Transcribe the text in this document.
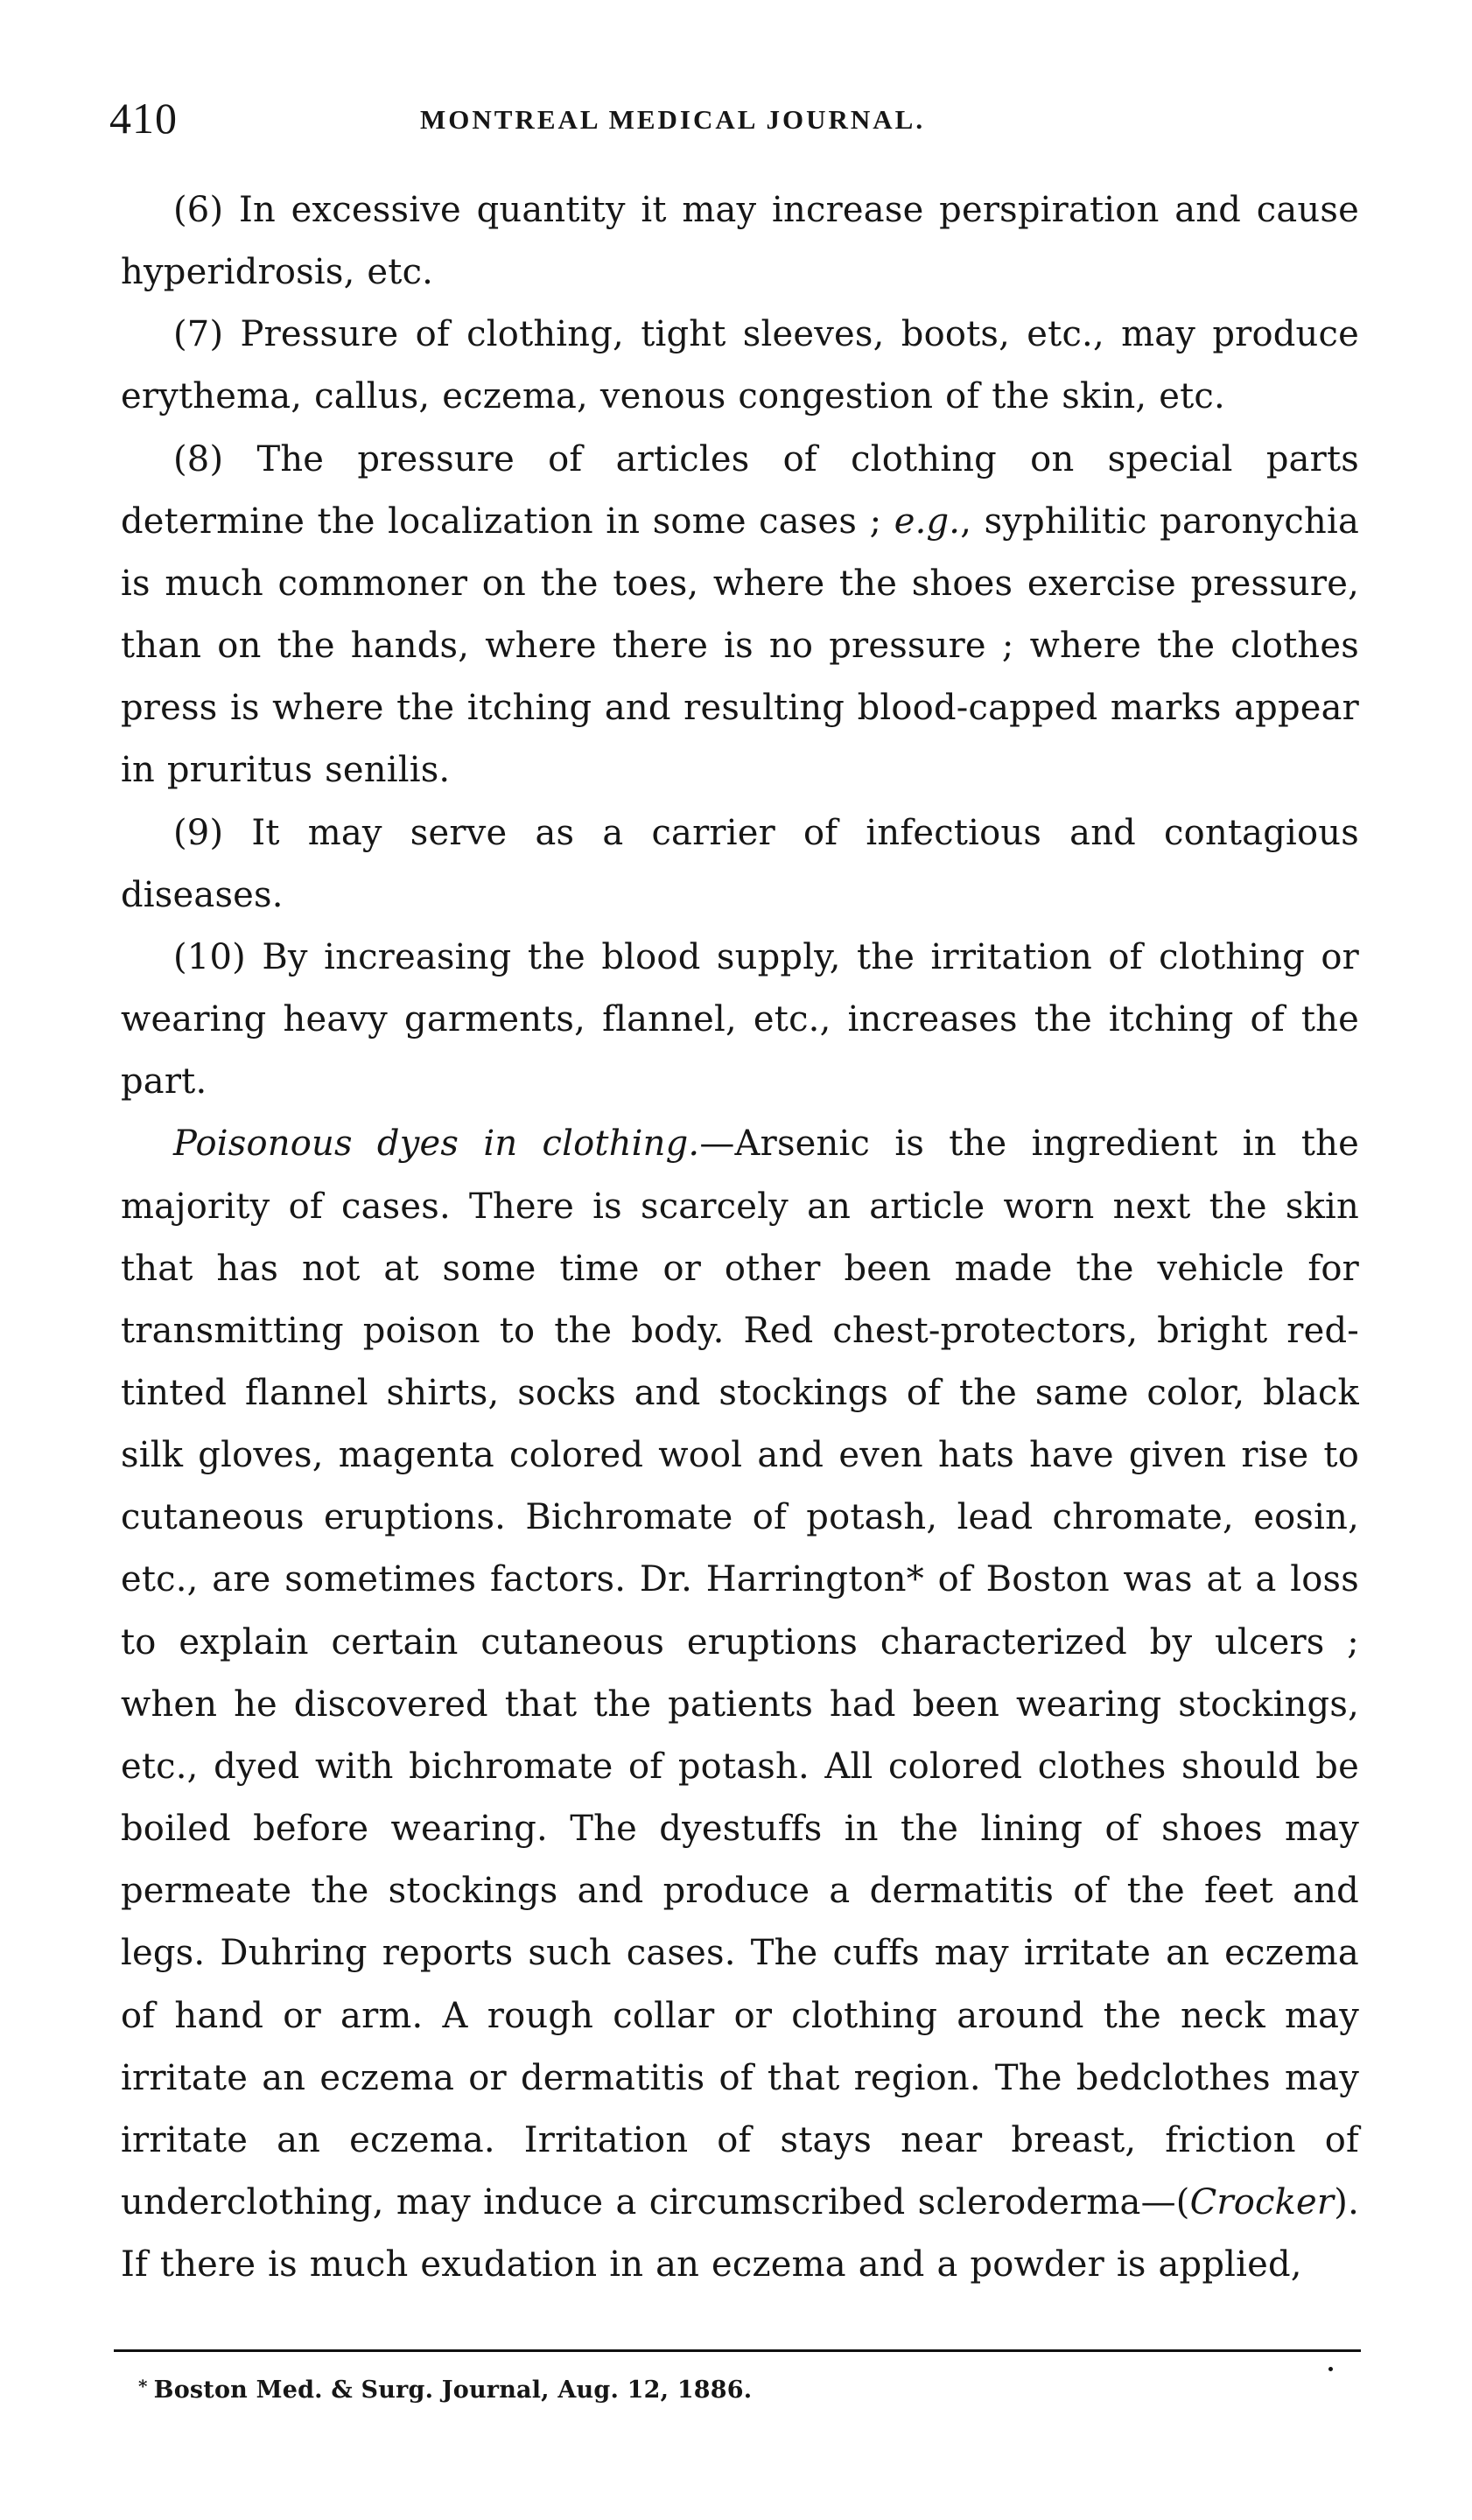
410	MONTREAL MEDICAL JOURNAL.

(6) In excessive quantity it may increase perspiration and cause hyperidrosis, etc.

(7) Pressure of clothing, tight sleeves, boots, etc., may produce erythema, callus, eczema, venous congestion of the skin, etc.

(8) The pressure of articles of clothing on special parts determine the localization in some cases ; e.g., syphilitic paronychia is much commoner on the toes, where the shoes exercise pressure, than on the hands, where there is no pressure ; where the clothes press is where the itching and resulting blood-capped marks appear in pruritus senilis.

(9) It may serve as a carrier of infectious and contagious diseases.

(10) By increasing the blood supply, the irritation of clothing or wearing heavy garments, flannel, etc., increases the itching of the part.

Poisonous dyes in clothing.—Arsenic is the ingredient in the majority of cases. There is scarcely an article worn next the skin that has not at some time or other been made the vehicle for transmitting poison to the body. Red chest-protectors, bright red-tinted flannel shirts, socks and stockings of the same color, black silk gloves, magenta colored wool and even hats have given rise to cutaneous eruptions. Bichromate of potash, lead chromate, eosin, etc., are sometimes factors. Dr. Harrington* of Boston was at a loss to explain certain cutaneous eruptions characterized by ulcers ; when he discovered that the patients had been wearing stockings, etc., dyed with bichromate of potash. All colored clothes should be boiled before wearing. The dyestuffs in the lining of shoes may permeate the stockings and produce a dermatitis of the feet and legs. Duhring reports such cases. The cuffs may irritate an eczema of hand or arm. A rough collar or clothing around the neck may irritate an eczema or dermatitis of that region. The bedclothes may irritate an eczema. Irritation of stays near breast, friction of underclothing, may induce a circumscribed scleroderma—(Crocker). If there is much exudation in an eczema and a powder is applied,

* Boston Med. & Surg. Journal, Aug. 12, 1886.
